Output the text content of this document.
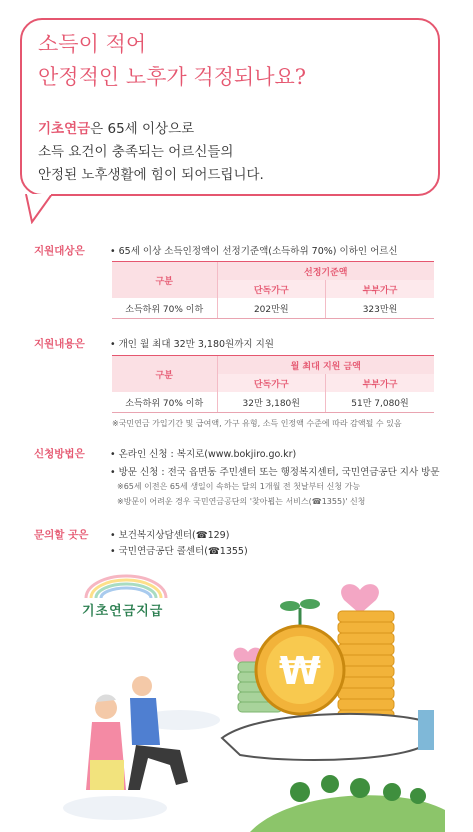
소득이 적어
안정적인 노후가 걱정되나요?

기초연금은 65세 이상으로
소득 요건이 충족되는 어르신들의
안정된 노후생활에 힘이 되어드립니다.

지원대상은	• 65세 이상 소득인정액이 선정기준액(소득하위 70%) 이하인 어르신
구분	선정기준액	
	단독가구	부부가구
소득하위 70% 이하	202만원	323만원
지원내용은	• 개인 월 최대 32만 3,180원까지 지원
구분	월 최대 지원 금액	
	단독가구	부부가구
소득하위 70% 이하	32만 3,180원	51만 7,080원
※국민연금 가입기간 및 급여액, 가구 유형, 소득 인정액 수준에 따라 감액될 수 있음
신청방법은	• 온라인 신청 : 복지로(www.bokjiro.go.kr)
• 방문 신청 : 전국 읍면동 주민센터 또는 행정복지센터, 국민연금공단 지사 방문
※65세 이전은 65세 생일이 속하는 달의 1개월 전 첫날부터 신청 가능
※방문이 어려운 경우 국민연금공단의 '찾아뵙는 서비스(☎1355)' 신청
문의할 곳은 • 보건복지상담센터(☎129)
• 국민연금공단 콜센터(☎1355)
₩
기초연금지급
